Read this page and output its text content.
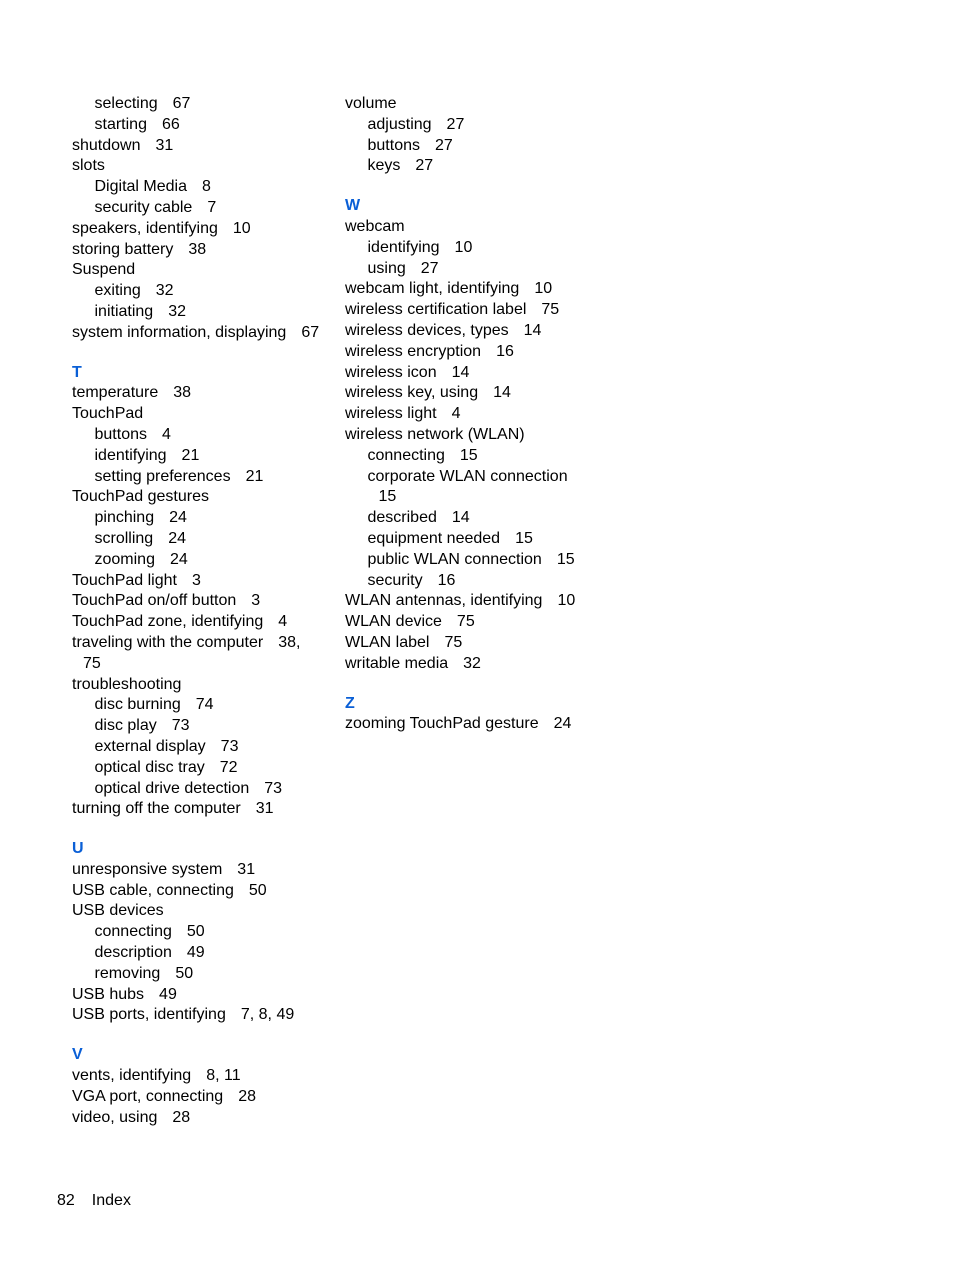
selecting 67
starting 66
shutdown 31
slots
Digital Media 8
security cable 7
speakers, identifying 10
storing battery 38
Suspend
exiting 32
initiating 32
system information, displaying 67
T
temperature 38
TouchPad
buttons 4
identifying 21
setting preferences 21
TouchPad gestures
pinching 24
scrolling 24
zooming 24
TouchPad light 3
TouchPad on/off button 3
TouchPad zone, identifying 4
traveling with the computer 38,
75
troubleshooting
disc burning 74
disc play 73
external display 73
optical disc tray 72
optical drive detection 73
turning off the computer 31
U
unresponsive system 31
USB cable, connecting 50
USB devices
connecting 50
description 49
removing 50
USB hubs 49
USB ports, identifying 7, 8, 49
V
vents, identifying 8, 11
VGA port, connecting 28
video, using 28
volume
adjusting 27
buttons 27
keys 27
W
webcam
identifying 10
using 27
webcam light, identifying 10
wireless certification label 75
wireless devices, types 14
wireless encryption 16
wireless icon 14
wireless key, using 14
wireless light 4
wireless network (WLAN)
connecting 15
corporate WLAN connection
15
described 14
equipment needed 15
public WLAN connection 15
security 16
WLAN antennas, identifying 10
WLAN device 75
WLAN label 75
writable media 32
Z
zooming TouchPad gesture 24
82 Index
